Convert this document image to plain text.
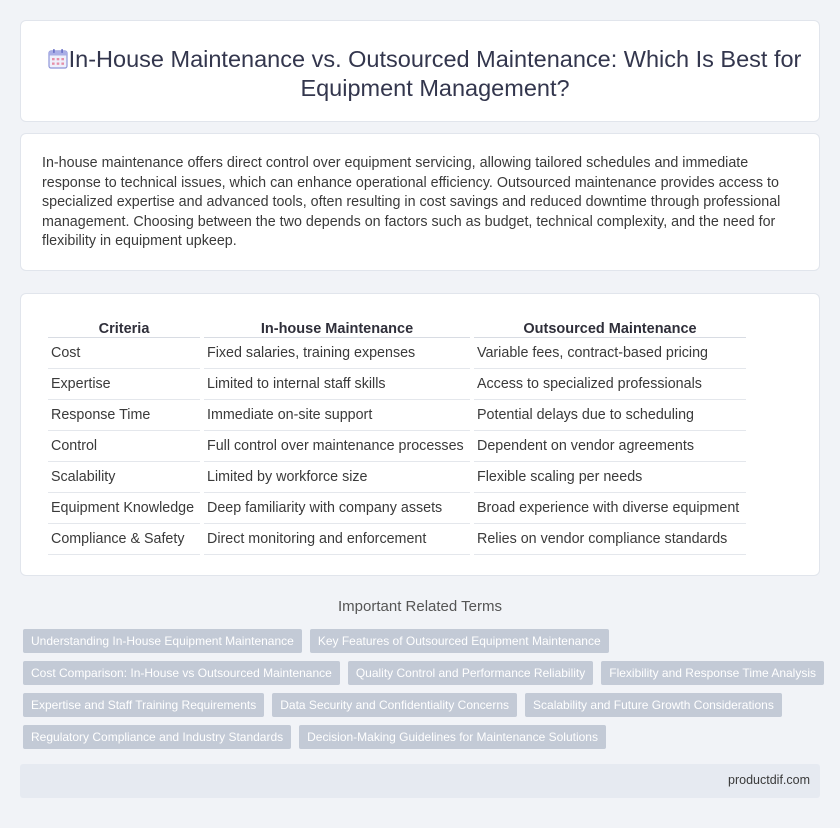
In-House Maintenance vs. Outsourced Maintenance: Which Is Best for Equipment Management?

In-house maintenance offers direct control over equipment servicing, allowing tailored schedules and immediate response to technical issues, which can enhance operational efficiency. Outsourced maintenance provides access to specialized expertise and advanced tools, often resulting in cost savings and reduced downtime through professional management. Choosing between the two depends on factors such as budget, technical complexity, and the need for flexibility in equipment upkeep.

Criteria	In-house Maintenance	Outsourced Maintenance
Cost	Fixed salaries, training expenses	Variable fees, contract-based pricing
Expertise	Limited to internal staff skills	Access to specialized professionals
Response Time	Immediate on-site support	Potential delays due to scheduling
Control	Full control over maintenance processes	Dependent on vendor agreements
Scalability	Limited by workforce size	Flexible scaling per needs
Equipment Knowledge	Deep familiarity with company assets	Broad experience with diverse equipment
Compliance & Safety	Direct monitoring and enforcement	Relies on vendor compliance standards
Important Related Terms
Understanding In-House Equipment Maintenance	Key Features of Outsourced Equipment Maintenance
Cost Comparison: In-House vs Outsourced Maintenance	Quality Control and Performance Reliability	Flexibility and Response Time Analysis
Expertise and Staff Training Requirements	Data Security and Confidentiality Concerns	Scalability and Future Growth Considerations
Regulatory Compliance and Industry Standards	Decision-Making Guidelines for Maintenance Solutions
productdif.com
